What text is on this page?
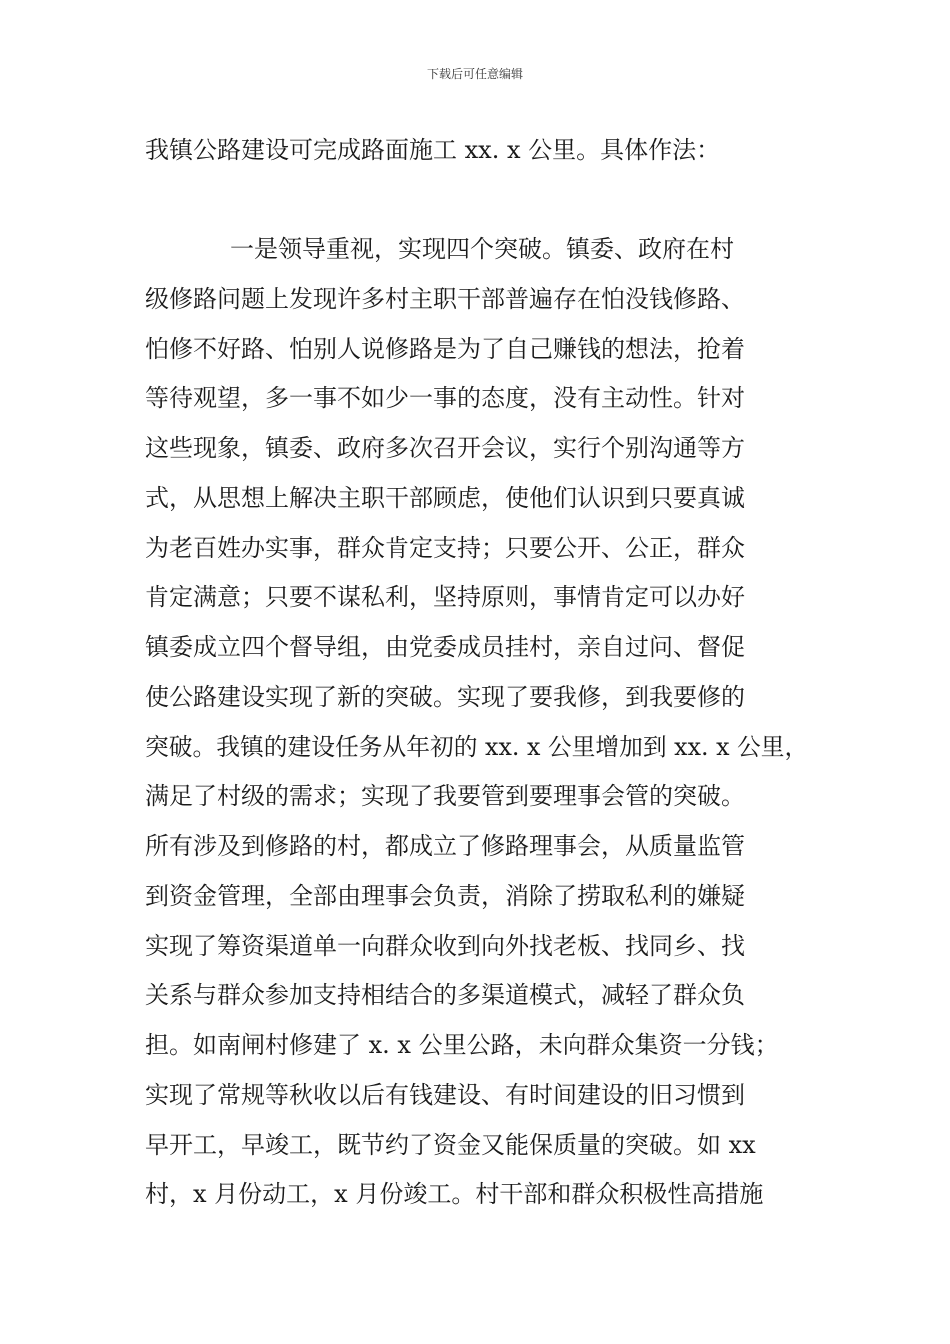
下载后可任意编辑
我镇公路建设可完成路面施工 xx. x 公里。具体作法：
一是领导重视，实现四个突破。镇委、政府在村
级修路问题上发现许多村主职干部普遍存在怕没钱修路、
怕修不好路、怕别人说修路是为了自己赚钱的想法，抢着
等待观望，多一事不如少一事的态度，没有主动性。针对
这些现象，镇委、政府多次召开会议，实行个别沟通等方
式，从思想上解决主职干部顾虑，使他们认识到只要真诚
为老百姓办实事，群众肯定支持；只要公开、公正，群众
肯定满意；只要不谋私利，坚持原则，事情肯定可以办好
镇委成立四个督导组，由党委成员挂村，亲自过问、督促
使公路建设实现了新的突破。实现了要我修，到我要修的
突破。我镇的建设任务从年初的 xx. x 公里增加到 xx. x 公里，
满足了村级的需求；实现了我要管到要理事会管的突破。
所有涉及到修路的村，都成立了修路理事会，从质量监管
到资金管理，全部由理事会负责，消除了捞取私利的嫌疑
实现了筹资渠道单一向群众收到向外找老板、找同乡、找
关系与群众参加支持相结合的多渠道模式，减轻了群众负
担。如南闸村修建了 x. x 公里公路，未向群众集资一分钱；
实现了常规等秋收以后有钱建设、有时间建设的旧习惯到
早开工，早竣工，既节约了资金又能保质量的突破。如 xx
村，x 月份动工，x 月份竣工。村干部和群众积极性高措施
